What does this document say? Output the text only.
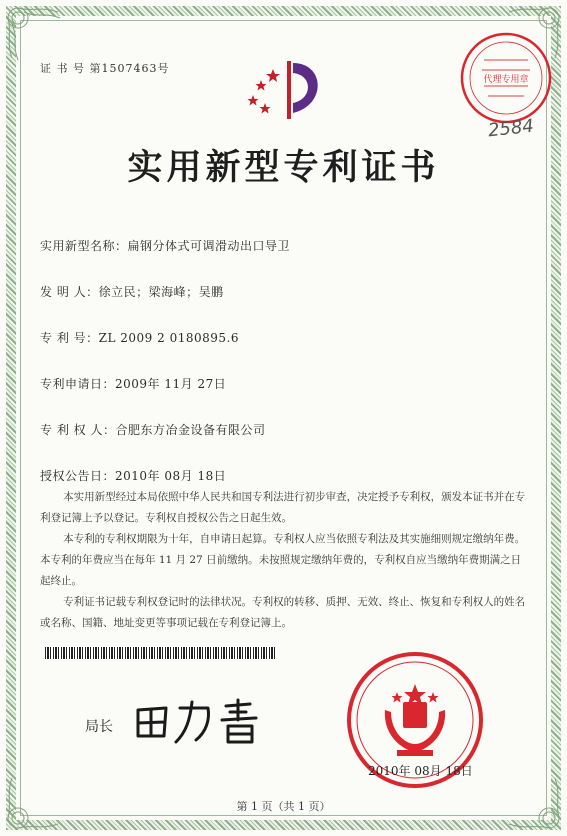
证 书 号 第1507463号
代理专用章
2584
实用新型专利证书
实用新型名称：扁钢分体式可调滑动出口导卫
发 明 人：徐立民；梁海峰；吴鹏
专 利 号：ZL 2009 2 0180895.6
专利申请日：2009年 11月 27日
专 利 权 人：合肥东方冶金设备有限公司
授权公告日：2010年 08月 18日

本实用新型经过本局依照中华人民共和国专利法进行初步审查，决定授予专利权，颁发本证书并在专利登记簿上予以登记。专利权自授权公告之日起生效。

本专利的专利权期限为十年，自申请日起算。专利权人应当依照专利法及其实施细则规定缴纳年费。本专利的年费应当在每年 11 月 27 日前缴纳。未按照规定缴纳年费的，专利权自应当缴纳年费期满之日起终止。

专利证书记载专利权登记时的法律状况。专利权的转移、质押、无效、终止、恢复和专利权人的姓名或名称、国籍、地址变更等事项记载在专利登记簿上。

局长
2010年 08月 18日
第 1 页（共 1 页）
